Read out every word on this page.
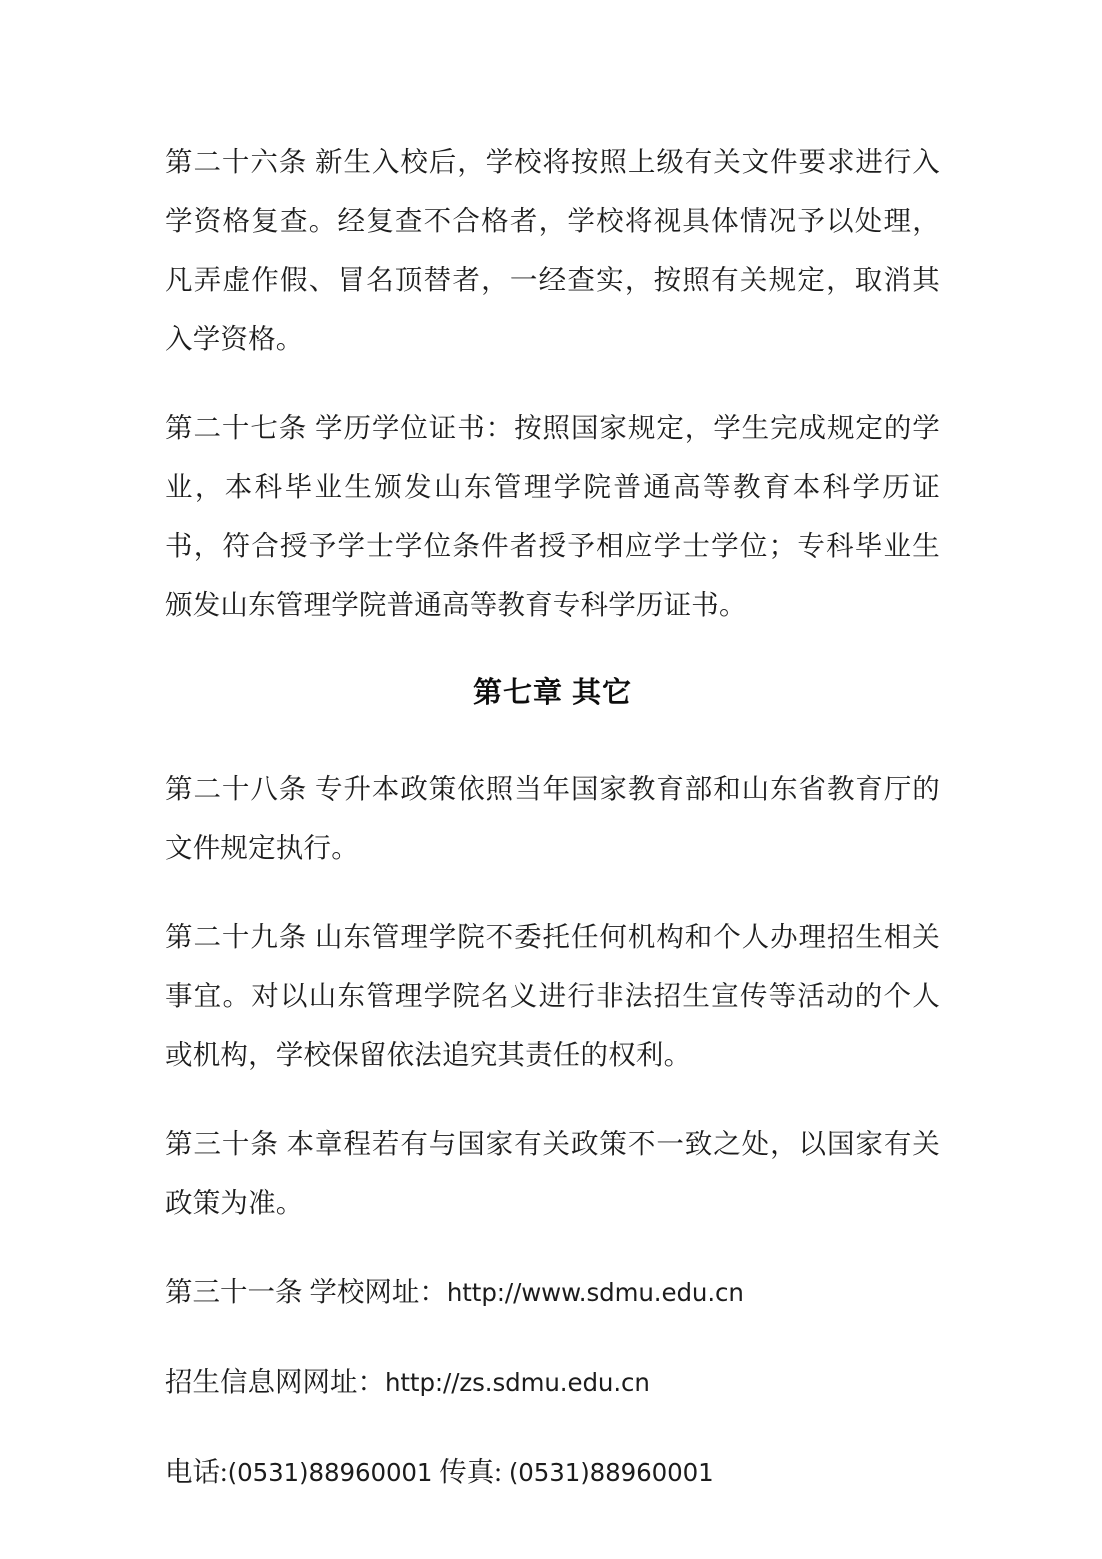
第二十六条 新生入校后，学校将按照上级有关文件要求进行入学资格复查。经复查不合格者，学校将视具体情况予以处理，凡弄虚作假、冒名顶替者，一经查实，按照有关规定，取消其入学资格。

第二十七条 学历学位证书：按照国家规定，学生完成规定的学业，本科毕业生颁发山东管理学院普通高等教育本科学历证书，符合授予学士学位条件者授予相应学士学位；专科毕业生颁发山东管理学院普通高等教育专科学历证书。

第七章 其它

第二十八条 专升本政策依照当年国家教育部和山东省教育厅的文件规定执行。

第二十九条 山东管理学院不委托任何机构和个人办理招生相关事宜。对以山东管理学院名义进行非法招生宣传等活动的个人或机构，学校保留依法追究其责任的权利。

第三十条 本章程若有与国家有关政策不一致之处，以国家有关政策为准。

第三十一条 学校网址：http://www.sdmu.edu.cn

招生信息网网址：http://zs.sdmu.edu.cn

电话:(0531)88960001 传真: (0531)88960001
